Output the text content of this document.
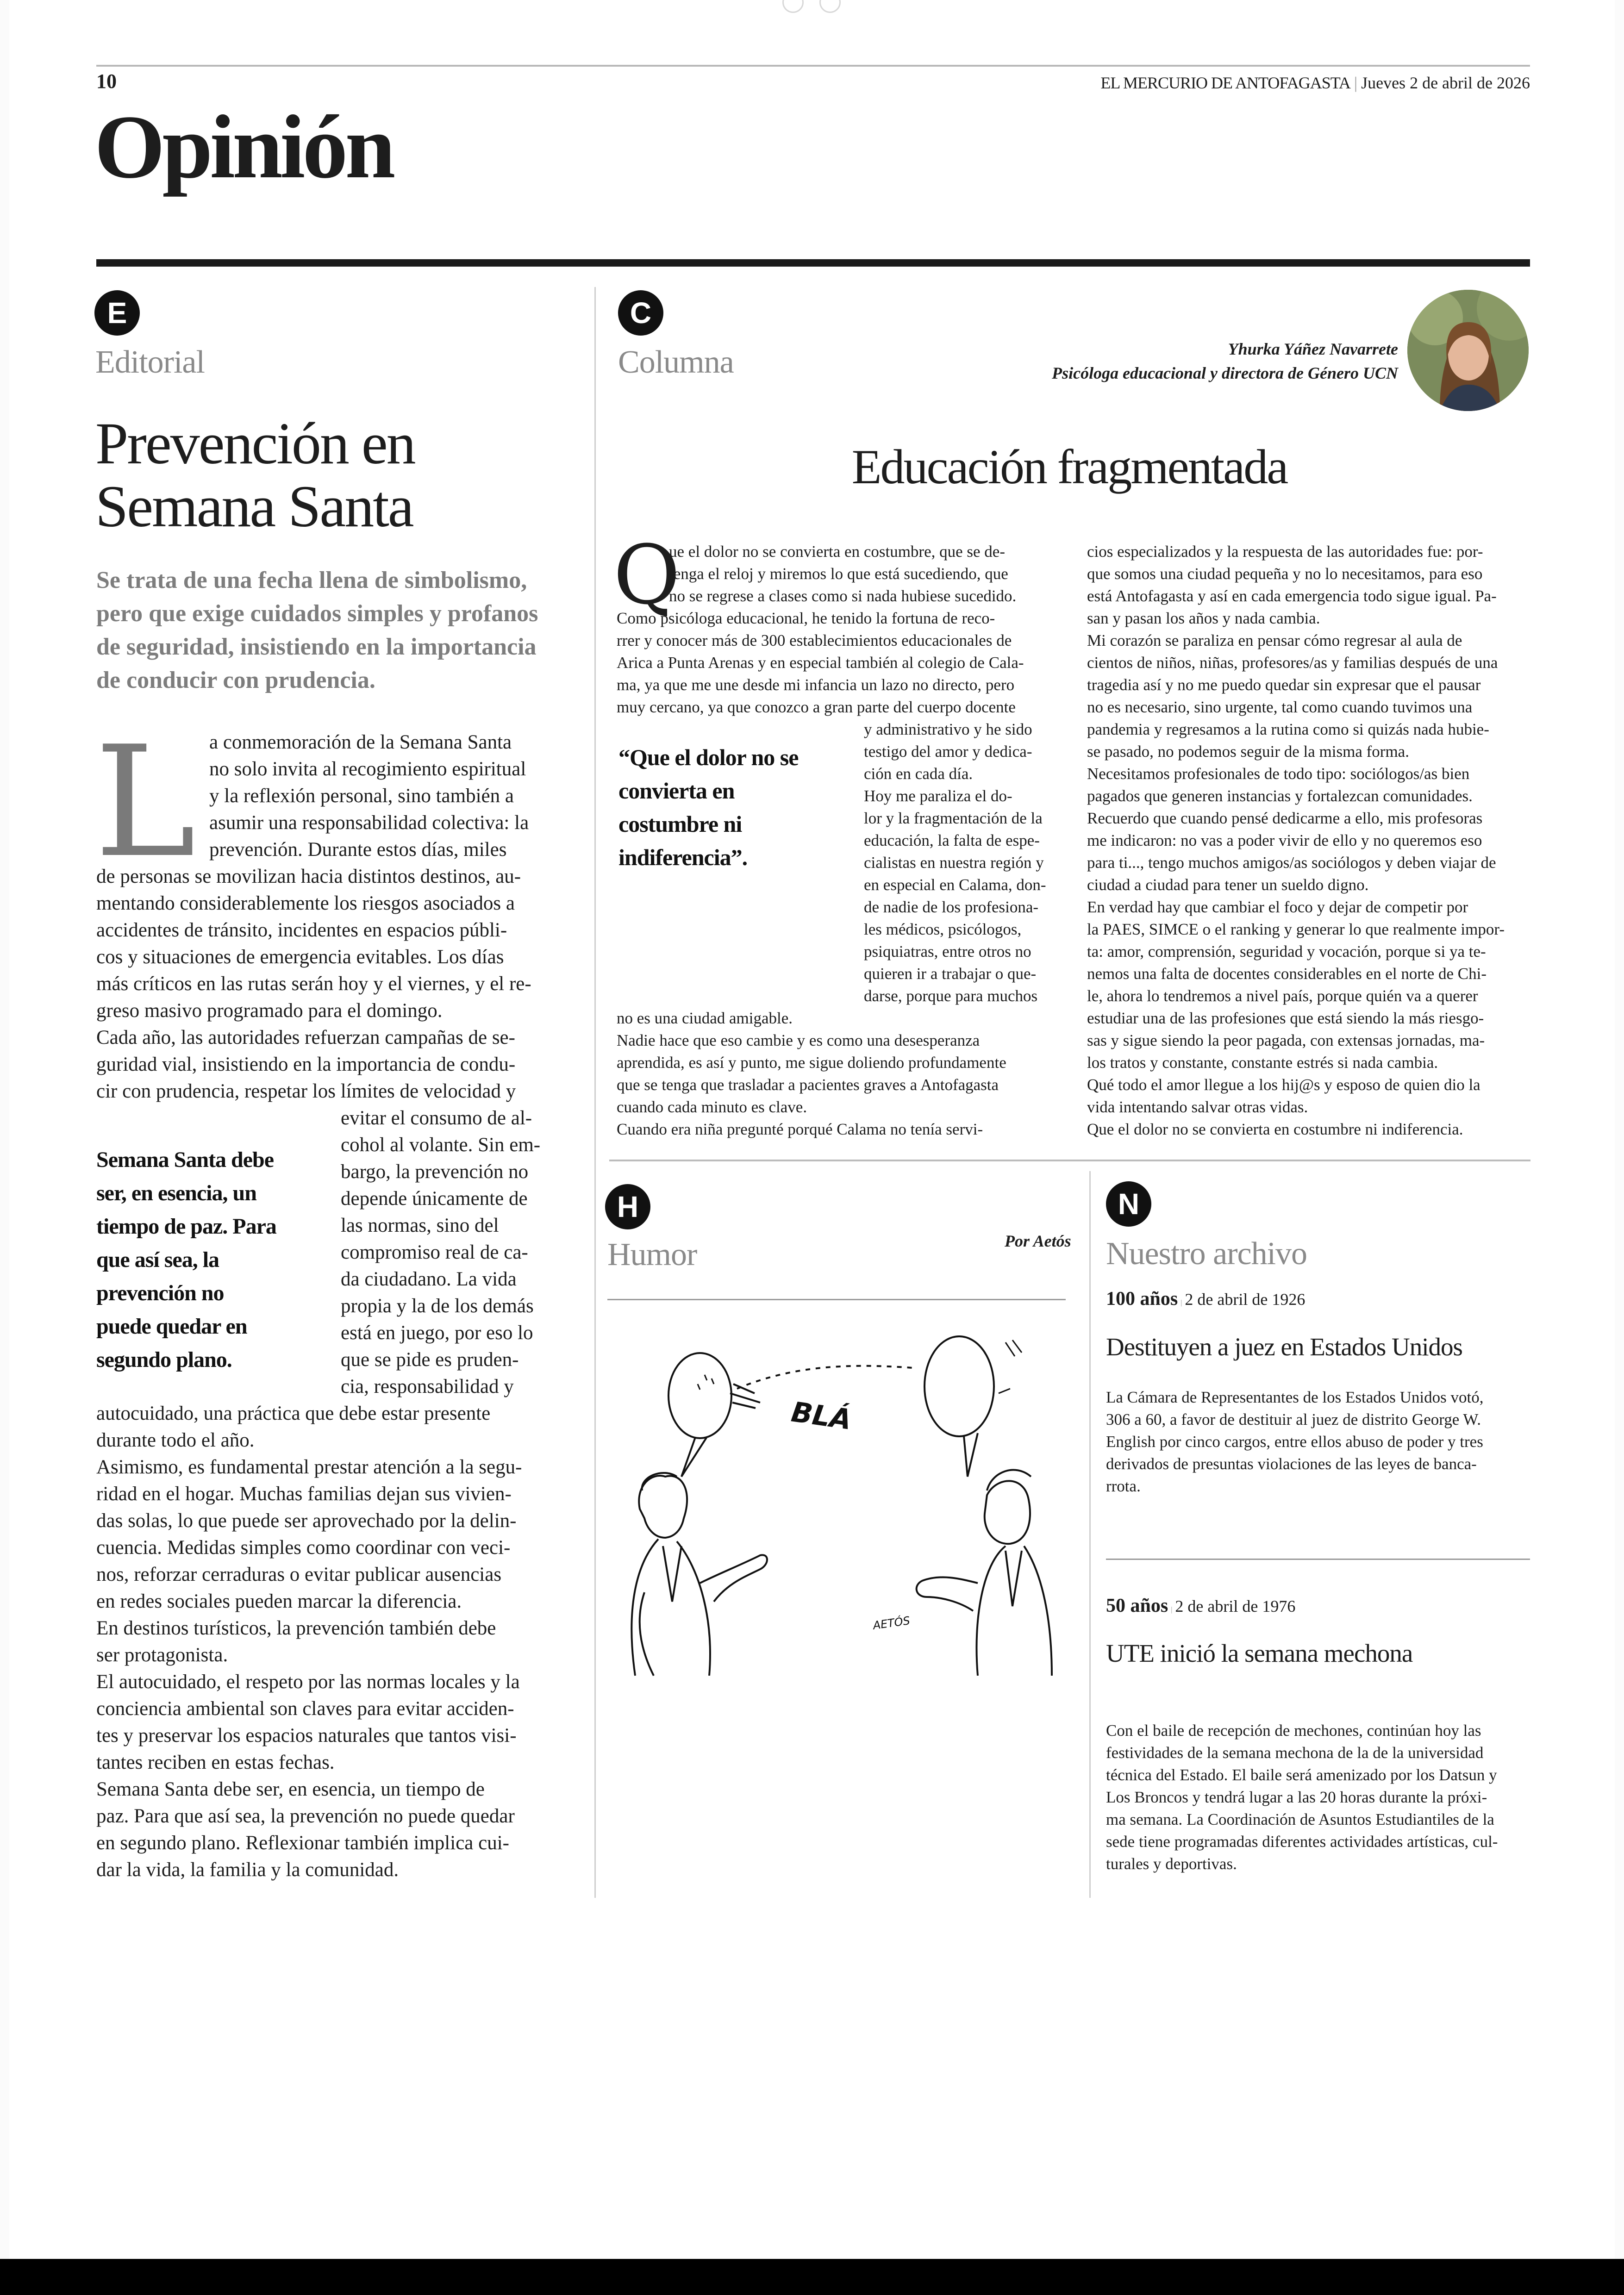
10	EL MERCURIO DE ANTOFAGASTA | Jueves 2 de abril de 2026
Opinión
E
Editorial
Prevención en
Semana Santa

Se trata de una fecha llena de simbolismo, pero que exige cuidados simples y profanos de seguridad, insistiendo en la importancia de conducir con prudencia.

L a conmemoración de la Semana Santa
no solo invita al recogimiento espiritual
y la reflexión personal, sino también a
asumir una responsabilidad colectiva: la
prevención. Durante estos días, miles
de personas se movilizan hacia distintos destinos, au-
mentando considerablemente los riesgos asociados a
accidentes de tránsito, incidentes en espacios públi-
cos y situaciones de emergencia evitables. Los días
más críticos en las rutas serán hoy y el viernes, y el re-
greso masivo programado para el domingo.
Cada año, las autoridades refuerzan campañas de se-
guridad vial, insistiendo en la importancia de condu-
cir con prudencia, respetar los límites de velocidad y
evitar el consumo de al-
cohol al volante. Sin em-
bargo, la prevención no
depende únicamente de
las normas, sino del
compromiso real de ca-
da ciudadano. La vida
propia y la de los demás
está en juego, por eso lo
que se pide es pruden-
cia, responsabilidad y
autocuidado, una práctica que debe estar presente
durante todo el año.
Asimismo, es fundamental prestar atención a la segu-
ridad en el hogar. Muchas familias dejan sus vivien-
das solas, lo que puede ser aprovechado por la delin-
cuencia. Medidas simples como coordinar con veci-
nos, reforzar cerraduras o evitar publicar ausencias
en redes sociales pueden marcar la diferencia.
En destinos turísticos, la prevención también debe
ser protagonista.
El autocuidado, el respeto por las normas locales y la
conciencia ambiental son claves para evitar acciden-
tes y preservar los espacios naturales que tantos visi-
tantes reciben en estas fechas.
Semana Santa debe ser, en esencia, un tiempo de
paz. Para que así sea, la prevención no puede quedar
en segundo plano. Reflexionar también implica cui-
dar la vida, la familia y la comunidad.
Semana Santa debe
ser, en esencia, un
tiempo de paz. Para
que así sea, la
prevención no
puede quedar en
segundo plano.
C
Columna	Yhurka Yáñez Navarrete
Psicóloga educacional y directora de Género UCN
Educación fragmentada
Q
ue el dolor no se convierta en costumbre, que se de-
tenga el reloj y miremos lo que está sucediendo, que
no se regrese a clases como si nada hubiese sucedido.
Como psicóloga educacional, he tenido la fortuna de reco-
rrer y conocer más de 300 establecimientos educacionales de
Arica a Punta Arenas y en especial también al colegio de Cala-
ma, ya que me une desde mi infancia un lazo no directo, pero
muy cercano, ya que conozco a gran parte del cuerpo docente
y administrativo y he sido
testigo del amor y dedica-
ción en cada día.
Hoy me paraliza el do-
lor y la fragmentación de la
educación, la falta de espe-
cialistas en nuestra región y
en especial en Calama, don-
de nadie de los profesiona-
les médicos, psicólogos,
psiquiatras, entre otros no
quieren ir a trabajar o que-
darse, porque para muchos
no es una ciudad amigable.
Nadie hace que eso cambie y es como una desesperanza
aprendida, es así y punto, me sigue doliendo profundamente
que se tenga que trasladar a pacientes graves a Antofagasta
cuando cada minuto es clave.
Cuando era niña pregunté porqué Calama no tenía servi-
cios especializados y la respuesta de las autoridades fue: por-
que somos una ciudad pequeña y no lo necesitamos, para eso
está Antofagasta y así en cada emergencia todo sigue igual. Pa-
san y pasan los años y nada cambia.
Mi corazón se paraliza en pensar cómo regresar al aula de
cientos de niños, niñas, profesores/as y familias después de una
tragedia así y no me puedo quedar sin expresar que el pausar
no es necesario, sino urgente, tal como cuando tuvimos una
pandemia y regresamos a la rutina como si quizás nada hubie-
se pasado, no podemos seguir de la misma forma.
Necesitamos profesionales de todo tipo: sociólogos/as bien
pagados que generen instancias y fortalezcan comunidades.
Recuerdo que cuando pensé dedicarme a ello, mis profesoras
me indicaron: no vas a poder vivir de ello y no queremos eso
para ti..., tengo muchos amigos/as sociólogos y deben viajar de
ciudad a ciudad para tener un sueldo digno.
En verdad hay que cambiar el foco y dejar de competir por
la PAES, SIMCE o el ranking y generar lo que realmente impor-
ta: amor, comprensión, seguridad y vocación, porque si ya te-
nemos una falta de docentes considerables en el norte de Chi-
le, ahora lo tendremos a nivel país, porque quién va a querer
estudiar una de las profesiones que está siendo la más riesgo-
sas y sigue siendo la peor pagada, con extensas jornadas, ma-
los tratos y constante, constante estrés si nada cambia.
Qué todo el amor llegue a los hij@s y esposo de quien dio la
vida intentando salvar otras vidas.
Que el dolor no se convierta en costumbre ni indiferencia.
“Que el dolor no se
convierta en
costumbre ni
indiferencia”.
H
Humor	Por Aetós
BLÁ
AETÓS
N
Nuestro archivo
100 años | 2 de abril de 1926
Destituyen a juez en Estados Unidos
La Cámara de Representantes de los Estados Unidos votó,
306 a 60, a favor de destituir al juez de distrito George W.
English por cinco cargos, entre ellos abuso de poder y tres
derivados de presuntas violaciones de las leyes de banca-
rrota.
50 años | 2 de abril de 1976
UTE inició la semana mechona
Con el baile de recepción de mechones, continúan hoy las
festividades de la semana mechona de la de la universidad
técnica del Estado. El baile será amenizado por los Datsun y
Los Broncos y tendrá lugar a las 20 horas durante la próxi-
ma semana. La Coordinación de Asuntos Estudiantiles de la
sede tiene programadas diferentes actividades artísticas, cul-
turales y deportivas.
